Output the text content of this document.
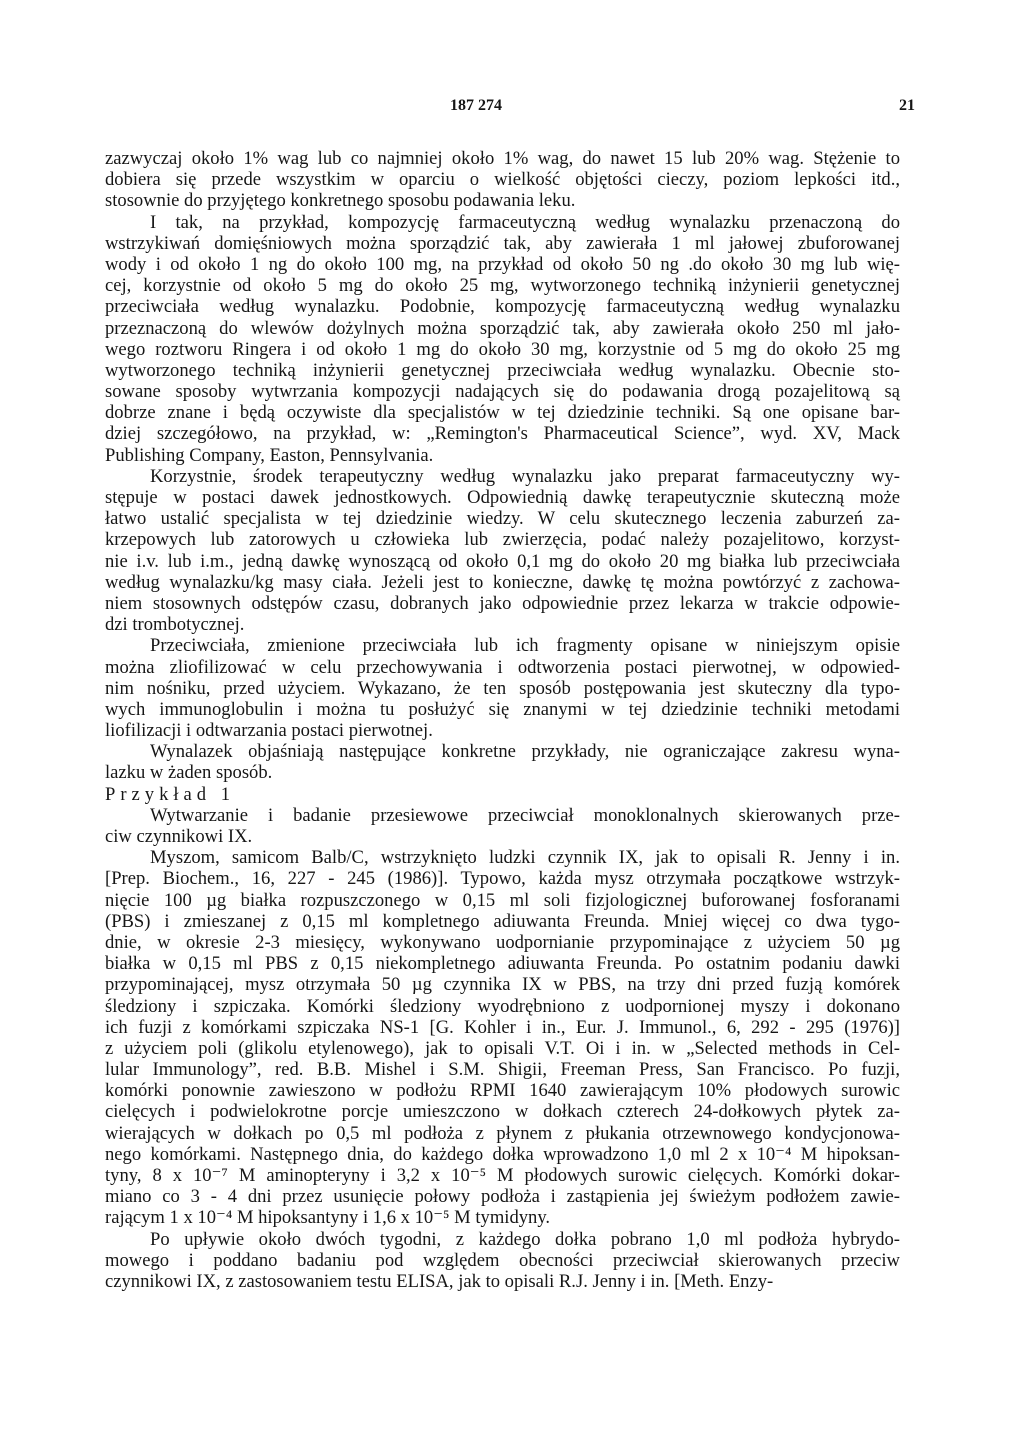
187 274	21
zazwyczaj około 1% wag lub co najmniej około 1% wag, do nawet 15 lub 20% wag. Stężenie to
dobiera się przede wszystkim w oparciu o wielkość objętości cieczy, poziom lepkości itd.,
stosownie do przyjętego konkretnego sposobu podawania leku.
I tak, na przykład, kompozycję farmaceutyczną według wynalazku przenaczoną do
wstrzykiwań domięśniowych można sporządzić tak, aby zawierała 1 ml jałowej zbuforowanej
wody i od około 1 ng do około 100 mg, na przykład od około 50 ng .do około 30 mg lub wię-
cej, korzystnie od około 5 mg do około 25 mg, wytworzonego techniką inżynierii genetycznej
przeciwciała według wynalazku. Podobnie, kompozycję farmaceutyczną według wynalazku
przeznaczoną do wlewów dożylnych można sporządzić tak, aby zawierała około 250 ml jało-
wego roztworu Ringera i od około 1 mg do około 30 mg, korzystnie od 5 mg do około 25 mg
wytworzonego techniką inżynierii genetycznej przeciwciała według wynalazku. Obecnie sto-
sowane sposoby wytwrzania kompozycji nadających się do podawania drogą pozajelitową są
dobrze znane i będą oczywiste dla specjalistów w tej dziedzinie techniki. Są one opisane bar-
dziej szczegółowo, na przykład, w: „Remington's Pharmaceutical Science”, wyd. XV, Mack
Publishing Company, Easton, Pennsylvania.
Korzystnie, środek terapeutyczny według wynalazku jako preparat farmaceutyczny wy-
stępuje w postaci dawek jednostkowych. Odpowiednią dawkę terapeutycznie skuteczną może
łatwo ustalić specjalista w tej dziedzinie wiedzy. W celu skutecznego leczenia zaburzeń za-
krzepowych lub zatorowych u człowieka lub zwierzęcia, podać należy pozajelitowo, korzyst-
nie i.v. lub i.m., jedną dawkę wynoszącą od około 0,1 mg do około 20 mg białka lub przeciwciała
według wynalazku/kg masy ciała. Jeżeli jest to konieczne, dawkę tę można powtórzyć z zachowa-
niem stosownych odstępów czasu, dobranych jako odpowiednie przez lekarza w trakcie odpowie-
dzi trombotycznej.
Przeciwciała, zmienione przeciwciała lub ich fragmenty opisane w niniejszym opisie
można zliofilizować w celu przechowywania i odtworzenia postaci pierwotnej, w odpowied-
nim nośniku, przed użyciem. Wykazano, że ten sposób postępowania jest skuteczny dla typo-
wych immunoglobulin i można tu posłużyć się znanymi w tej dziedzinie techniki metodami
liofilizacji i odtwarzania postaci pierwotnej.
Wynalazek objaśniają następujące konkretne przykłady, nie ograniczające zakresu wyna-
lazku w żaden sposób.
Przykład 1
Wytwarzanie i badanie przesiewowe przeciwciał monoklonalnych skierowanych prze-
ciw czynnikowi IX.
Myszom, samicom Balb/C, wstrzyknięto ludzki czynnik IX, jak to opisali R. Jenny i in.
[Prep. Biochem., 16, 227 - 245 (1986)]. Typowo, każda mysz otrzymała początkowe wstrzyk-
nięcie 100 µg białka rozpuszczonego w 0,15 ml soli fizjologicznej buforowanej fosforanami
(PBS) i zmieszanej z 0,15 ml kompletnego adiuwanta Freunda. Mniej więcej co dwa tygo-
dnie, w okresie 2-3 miesięcy, wykonywano uodpornianie przypominające z użyciem 50 µg
białka w 0,15 ml PBS z 0,15 niekompletnego adiuwanta Freunda. Po ostatnim podaniu dawki
przypominającej, mysz otrzymała 50 µg czynnika IX w PBS, na trzy dni przed fuzją komórek
śledziony i szpiczaka. Komórki śledziony wyodrębniono z uodpornionej myszy i dokonano
ich fuzji z komórkami szpiczaka NS-1 [G. Kohler i in., Eur. J. Immunol., 6, 292 - 295 (1976)]
z użyciem poli (glikolu etylenowego), jak to opisali V.T. Oi i in. w „Selected methods in Cel-
lular Immunology”, red. B.B. Mishel i S.M. Shigii, Freeman Press, San Francisco. Po fuzji,
komórki ponownie zawieszono w podłożu RPMI 1640 zawierającym 10% płodowych surowic
cielęcych i podwielokrotne porcje umieszczono w dołkach czterech 24-dołkowych płytek za-
wierających w dołkach po 0,5 ml podłoża z płynem z płukania otrzewnowego kondycjonowa-
nego komórkami. Następnego dnia, do każdego dołka wprowadzono 1,0 ml 2 x 10⁻⁴ M hipoksan-
tyny, 8 x 10⁻⁷ M aminopteryny i 3,2 x 10⁻⁵ M płodowych surowic cielęcych. Komórki dokar-
miano co 3 - 4 dni przez usunięcie połowy podłoża i zastąpienia jej świeżym podłożem zawie-
rającym 1 x 10⁻⁴ M hipoksantyny i 1,6 x 10⁻⁵ M tymidyny.
Po upływie około dwóch tygodni, z każdego dołka pobrano 1,0 ml podłoża hybrydo-
mowego i poddano badaniu pod względem obecności przeciwciał skierowanych przeciw
czynnikowi IX, z zastosowaniem testu ELISA, jak to opisali R.J. Jenny i in. [Meth. Enzy-
